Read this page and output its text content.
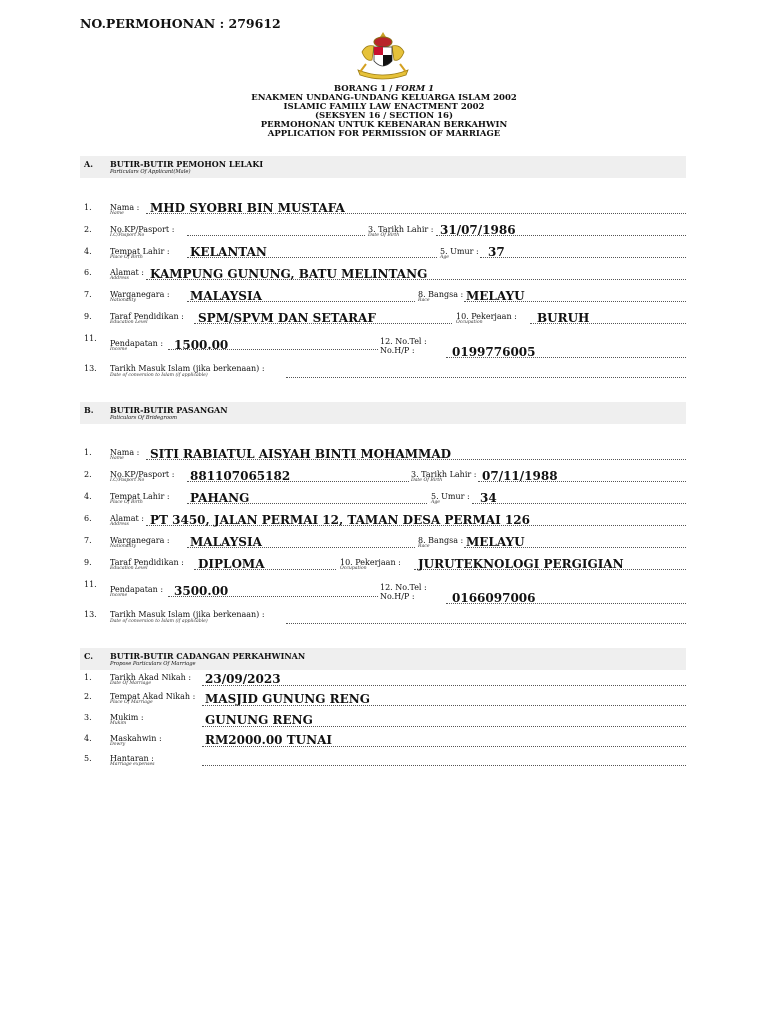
NO.PERMOHONAN : 279612
BORANG 1 / FORM 1
ENAKMEN UNDANG-UNDANG KELUARGA ISLAM 2002
ISLAMIC FAMILY LAW ENACTMENT 2002
(SEKSYEN 16 / SECTION 16)
PERMOHONAN UNTUK KEBENARAN BERKAHWIN
APPLICATION FOR PERMISSION OF MARRIAGE
A. BUTIR-BUTIR PEMOHON LELAKI
Particulars Of Applicant(Male)
1. Nama :
Name MHD SYOBRI BIN MUSTAFA
2. No.KP/Pasport :
I.C/Pasport No
3. Tarikh Lahir :
Date Of Birth	31/07/1986
4. Tempat Lahir :
Place Of Birth	KELANTAN	5. Umur :
Age	37
6. Alamat :
Address KAMPUNG GUNUNG, BATU MELINTANG
7. Warganegara :
Nationality	MALAYSIA	8. Bangsa :
Race	MELAYU
9. Taraf Pendidikan :
Education Level	SPM/SPVM DAN SETARAF	10. Pekerjaan :
Occupation	BURUH
11.
Pendapatan :
Income	1500.00	12. No.Tel :
No.H/P :	0199776005
13. Tarikh Masuk Islam (jika berkenaan) :
Date of conversion to Islam (if applicable)
B. BUTIR-BUTIR PASANGAN
Paticulars Of Bridegroom
1. Nama :
Name SITI RABIATUL AISYAH BINTI MOHAMMAD
2. No.KP/Pasport :
I.C/Pasport No	881107065182	3. Tarikh Lahir :
Date Of Birth	07/11/1988
4. Tempat Lahir :
Place Of Birth	PAHANG	5. Umur :
Age	34
6. Alamat :
Address PT 3450, JALAN PERMAI 12, TAMAN DESA PERMAI 126
7. Warganegara :
Nationality	MALAYSIA	8. Bangsa :
Race	MELAYU
9. Taraf Pendidikan :
Education Level	DIPLOMA	10. Pekerjaan :
Occupation	JURUTEKNOLOGI PERGIGIAN
11.
Pendapatan :
Income	3500.00	12. No.Tel :
No.H/P :	0166097006
13. Tarikh Masuk Islam (jika berkenaan) :
Date of conversion to Islam (if applicable)
C. BUTIR-BUTIR CADANGAN PERKAHWINAN
Propose Particulars Of Marriage
1. Tarikh Akad Nikah :
Date Of Marriage	23/09/2023
2. Tempat Akad Nikah :
Place Of Marriage	MASJID GUNUNG RENG
3. Mukim :
Mukim	GUNUNG RENG
4. Maskahwin :
Dowry	RM2000.00 TUNAI
5. Hantaran :
Marriage expenses
